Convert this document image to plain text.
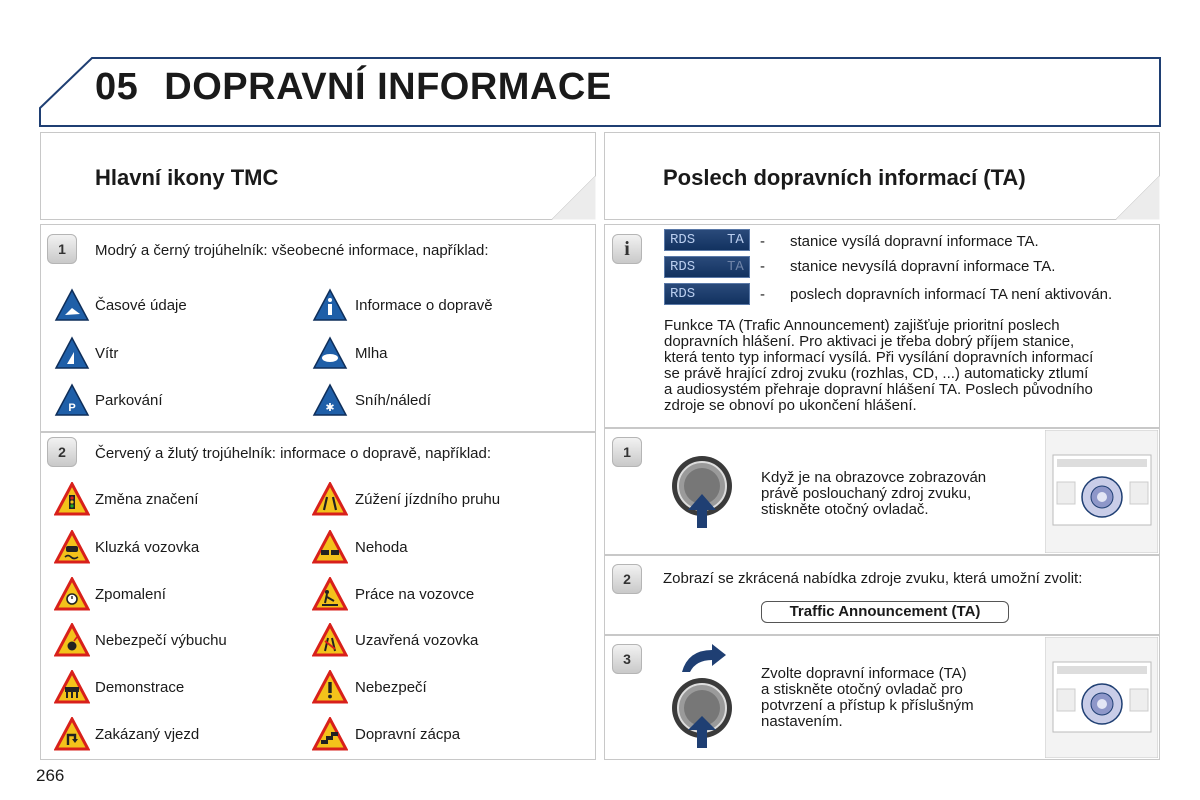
05 DOPRAVNÍ INFORMACE
Hlavní ikony TMC
1	Modrý a černý trojúhelník: všeobecné informace, například:
Časové údaje	Informace o dopravě
Vítr	Mlha
P Parkování	✱ Sníh/náledí
2	Červený a žlutý trojúhelník: informace o dopravě, například:
Změna značení	Zúžení jízdního pruhu
Kluzká vozovka	Nehoda
Zpomalení	Práce na vozovce
Nebezpečí výbuchu	Uzavřená vozovka
Demonstrace	Nebezpečí
Zakázaný vjezd	Dopravní zácpa
Poslech dopravních informací (TA)
i	RDS TA - stanice vysílá dopravní informace TA.
RDS TA - stanice nevysílá dopravní informace TA.
RDS	- poslech dopravních informací TA není aktivován.
Funkce TA (Trafic Announcement) zajišťuje prioritní poslech
dopravních hlášení. Pro aktivaci je třeba dobrý příjem stanice,
která tento typ informací vysílá. Při vysílání dopravních informací
se právě hrající zdroj zvuku (rozhlas, CD, ...) automaticky ztlumí
a audiosystém přehraje dopravní hlášení TA. Poslech původního
zdroje se obnoví po ukončení hlášení.
1
Když je na obrazovce zobrazován
právě poslouchaný zdroj zvuku,
stiskněte otočný ovladač.
2	Zobrazí se zkrácená nabídka zdroje zvuku, která umožní zvolit:
Traffic Announcement (TA)
3
Zvolte dopravní informace (TA)
a stiskněte otočný ovladač pro
potvrzení a přístup k příslušným
nastavením.
266
